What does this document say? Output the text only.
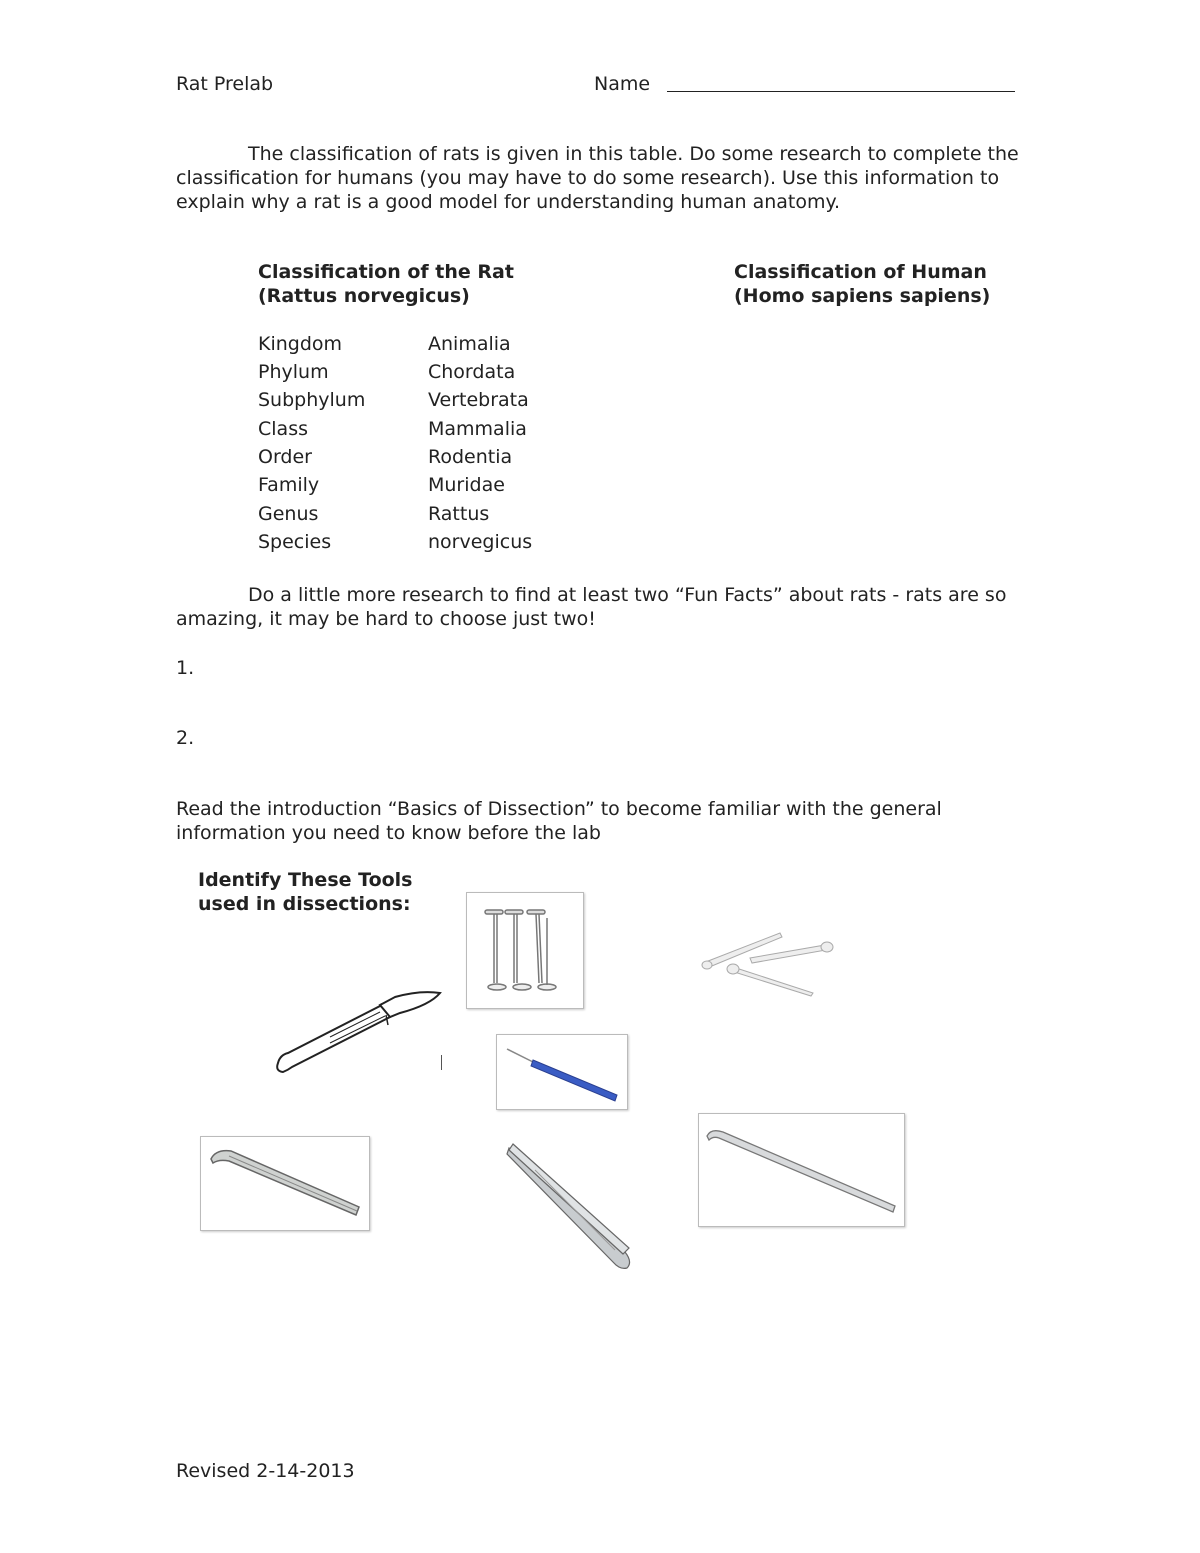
Rat Prelab	Name
The classification of rats is given in this table. Do some research to complete the classification for humans (you may have to do some research). Use this information to explain why a rat is a good model for understanding human anatomy.
Classification of the Rat
(Rattus norvegicus)
Classification of Human
(Homo sapiens sapiens)
Kingdom	Animalia
Phylum	Chordata
Subphylum	Vertebrata
Class	Mammalia
Order	Rodentia
Family	Muridae
Genus	Rattus
Species	norvegicus
Do a little more research to find at least two “Fun Facts” about rats - rats are so amazing, it may be hard to choose just two!
1.
2.
Read the introduction “Basics of Dissection” to become familiar with the general information you need to know before the lab
Identify These Tools
used in dissections:
Revised 2-14-2013
